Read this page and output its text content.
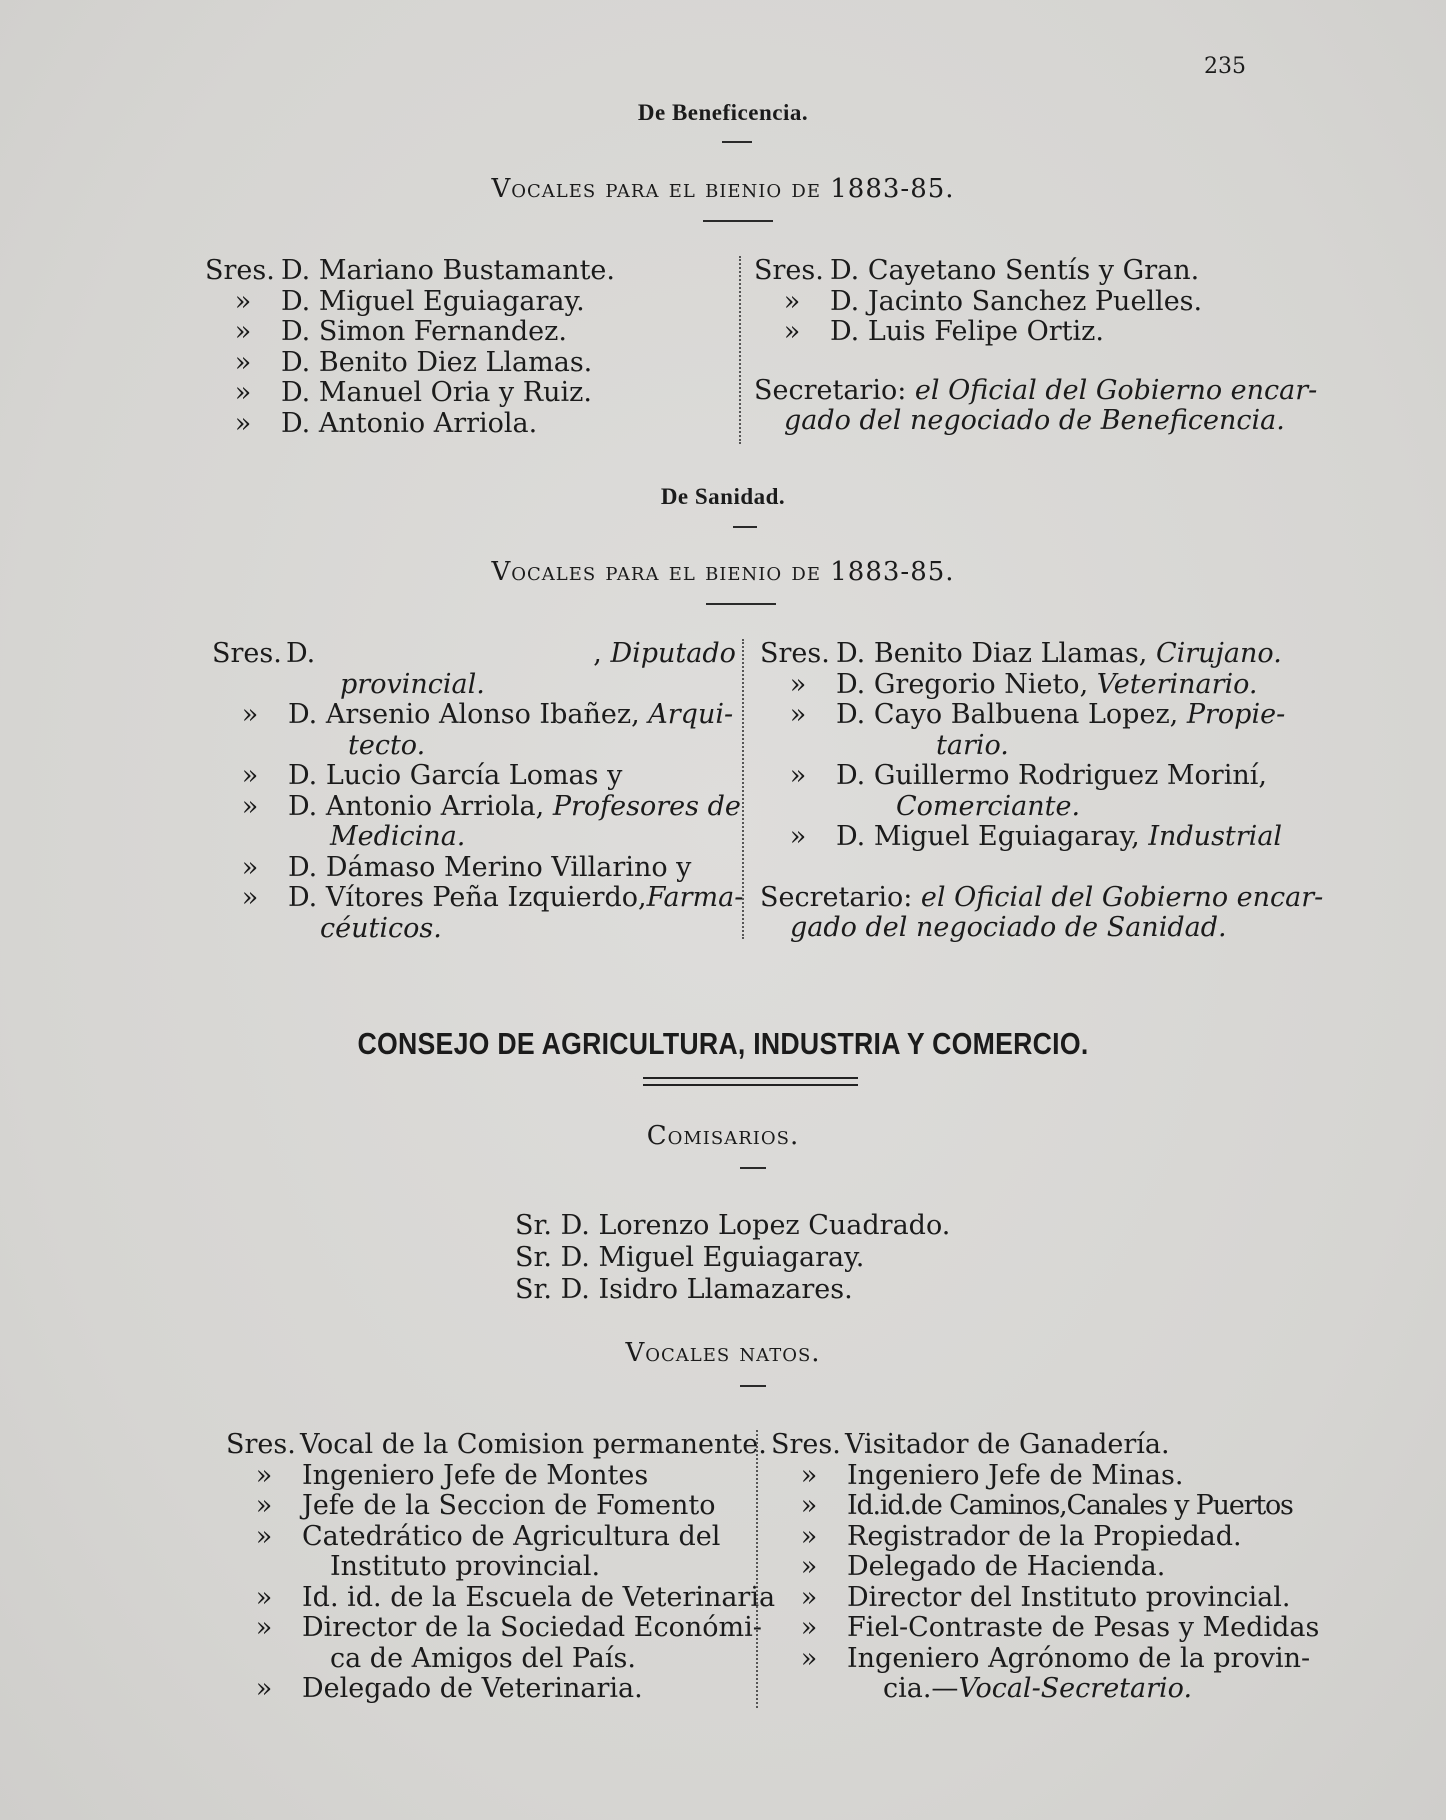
235
De Beneficencia.
Vocales para el bienio de 1883-85.
Sres. D. Mariano Bustamante.
» D. Miguel Eguiagaray.
» D. Simon Fernandez.
» D. Benito Diez Llamas.
» D. Manuel Oria y Ruiz.
» D. Antonio Arriola.
Sres. D. Cayetano Sentís y Gran.
» D. Jacinto Sanchez Puelles.
» D. Luis Felipe Ortiz.
Secretario: el Oficial del Gobierno encar-
gado del negociado de Beneficencia.
De Sanidad.
Vocales para el bienio de 1883-85.
Sres. D.	, Diputado
provincial.
» D. Arsenio Alonso Ibañez, Arqui-
tecto.
» D. Lucio García Lomas y
» D. Antonio Arriola, Profesores de
Medicina.
» D. Dámaso Merino Villarino y
» D. Vítores Peña Izquierdo,Farma-
céuticos.
Sres. D. Benito Diaz Llamas, Cirujano.
» D. Gregorio Nieto, Veterinario.
» D. Cayo Balbuena Lopez, Propie-
tario.
» D. Guillermo Rodriguez Moriní,
Comerciante.
» D. Miguel Eguiagaray, Industrial
Secretario: el Oficial del Gobierno encar-
gado del negociado de Sanidad.
CONSEJO DE AGRICULTURA, INDUSTRIA Y COMERCIO.
Comisarios.
Sr. D. Lorenzo Lopez Cuadrado.
Sr. D. Miguel Eguiagaray.
Sr. D. Isidro Llamazares.
Vocales natos.
Sres. Vocal de la Comision permanente.
» Ingeniero Jefe de Montes
» Jefe de la Seccion de Fomento
» Catedrático de Agricultura del
Instituto provincial.
» Id. id. de la Escuela de Veterinaria
» Director de la Sociedad Económi-
ca de Amigos del País.
» Delegado de Veterinaria.
Sres. Visitador de Ganadería.
» Ingeniero Jefe de Minas.
» Id.id.de Caminos,Canales y Puertos
» Registrador de la Propiedad.
» Delegado de Hacienda.
» Director del Instituto provincial.
» Fiel-Contraste de Pesas y Medidas
» Ingeniero Agrónomo de la provin-
cia.—Vocal-Secretario.
